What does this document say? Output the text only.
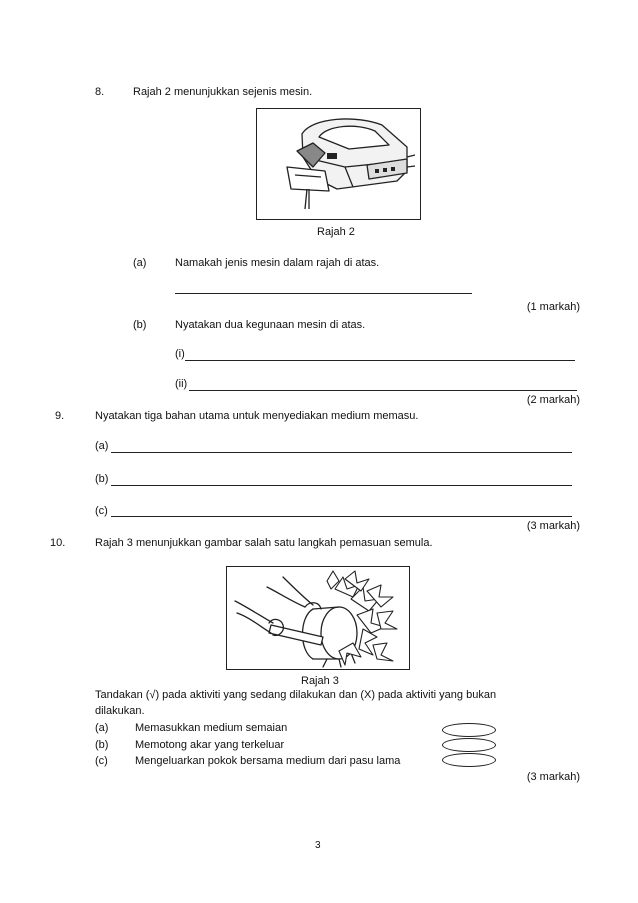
8.	Rajah 2 menunjukkan sejenis mesin.
Rajah 2
(a)	Namakah jenis mesin dalam rajah di atas.
(1 markah)
(b)	Nyatakan dua kegunaan mesin di atas.
(i)
(ii)
(2 markah)
9.	Nyatakan tiga bahan utama untuk menyediakan medium memasu.
(a)
(b)
(c)
(3 markah)
10.	Rajah 3 menunjukkan gambar salah satu langkah pemasuan semula.
Rajah 3
Tandakan (√) pada aktiviti yang sedang dilakukan dan (X) pada aktiviti yang bukan
dilakukan.
(a) Memasukkan medium semaian
(b) Memotong akar yang terkeluar
(c) Mengeluarkan pokok bersama medium dari pasu lama
(3 markah)
3
